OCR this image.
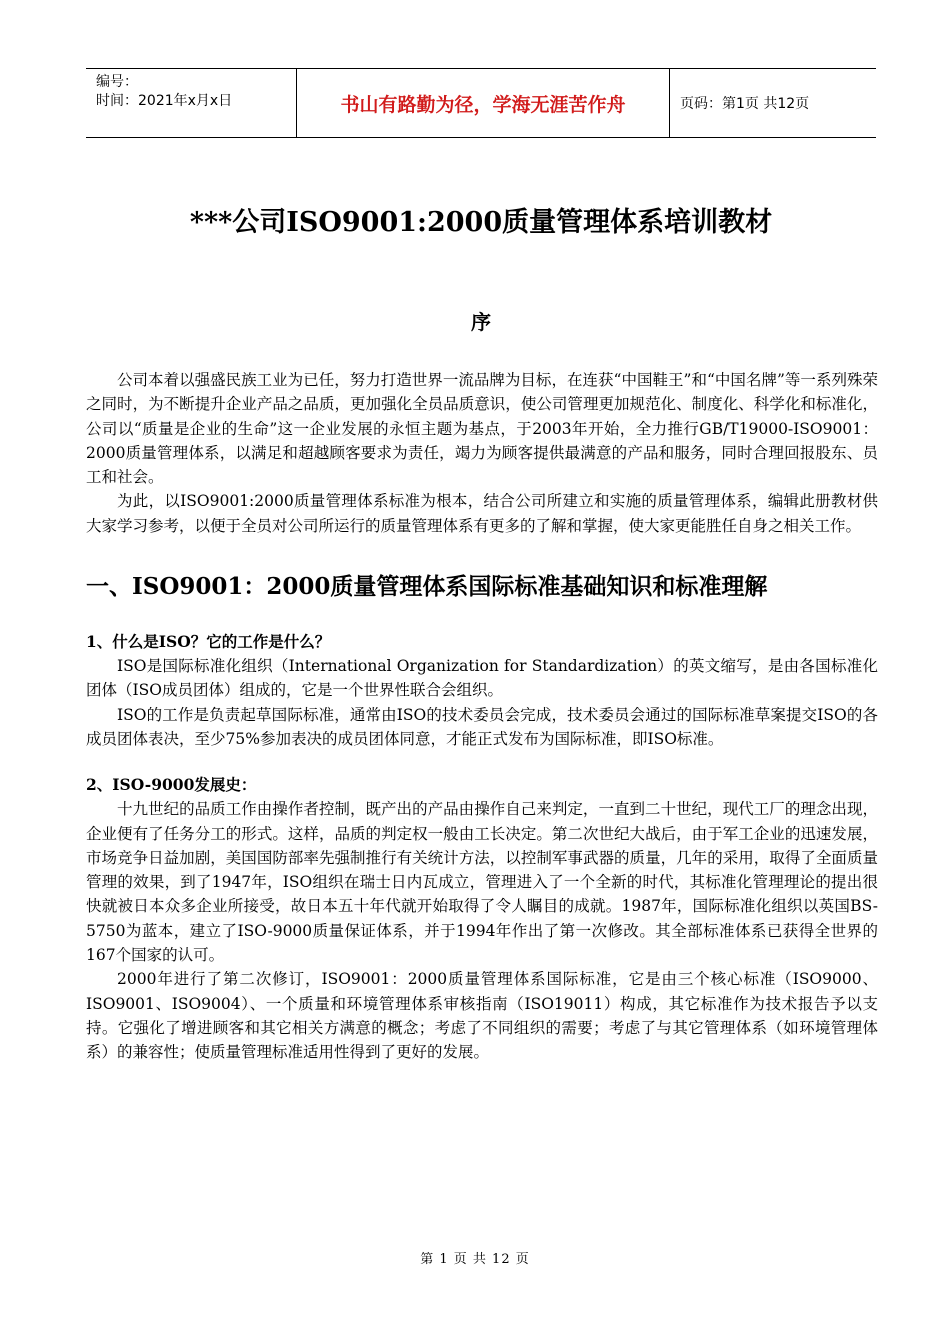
编号：
时间：2021年x月x日	书山有路勤为径，学海无涯苦作舟	页码：第1页 共12页
***公司ISO9001:2000质量管理体系培训教材
序

公司本着以强盛民族工业为已任，努力打造世界一流品牌为目标，在连获“中国鞋王”和“中国名牌”等一系列殊荣之同时，为不断提升企业产品之品质，更加强化全员品质意识，使公司管理更加规范化、制度化、科学化和标准化，公司以“质量是企业的生命”这一企业发展的永恒主题为基点，于2003年开始，全力推行GB/T19000-ISO9001：2000质量管理体系，以满足和超越顾客要求为责任，竭力为顾客提供最满意的产品和服务，同时合理回报股东、员工和社会。

为此，以ISO9001:2000质量管理体系标准为根本，结合公司所建立和实施的质量管理体系，编辑此册教材供大家学习参考，以便于全员对公司所运行的质量管理体系有更多的了解和掌握，使大家更能胜任自身之相关工作。

一、ISO9001：2000质量管理体系国际标准基础知识和标准理解
1、什么是ISO？它的工作是什么？

ISO是国际标准化组织（International Organization for Standardization）的英文缩写，是由各国标准化团体（ISO成员团体）组成的，它是一个世界性联合会组织。

ISO的工作是负责起草国际标准，通常由ISO的技术委员会完成，技术委员会通过的国际标准草案提交ISO的各成员团体表决，至少75%参加表决的成员团体同意，才能正式发布为国际标准，即ISO标准。

2、ISO-9000发展史：

十九世纪的品质工作由操作者控制，既产出的产品由操作自己来判定，一直到二十世纪，现代工厂的理念出现，企业便有了任务分工的形式。这样，品质的判定权一般由工长决定。第二次世纪大战后，由于军工企业的迅速发展，市场竞争日益加剧，美国国防部率先强制推行有关统计方法，以控制军事武器的质量，几年的采用，取得了全面质量管理的效果，到了1947年，ISO组织在瑞士日内瓦成立，管理进入了一个全新的时代，其标准化管理理论的提出很快就被日本众多企业所接受，故日本五十年代就开始取得了令人瞩目的成就。1987年，国际标准化组织以英国BS-5750为蓝本，建立了ISO-9000质量保证体系，并于1994年作出了第一次修改。其全部标准体系已获得全世界的167个国家的认可。

2000年进行了第二次修订，ISO9001：2000质量管理体系国际标准，它是由三个核心标准（ISO9000、ISO9001、ISO9004）、一个质量和环境管理体系审核指南（ISO19011）构成，其它标准作为技术报告予以支持。它强化了增进顾客和其它相关方满意的概念；考虑了不同组织的需要；考虑了与其它管理体系（如环境管理体系）的兼容性；使质量管理标准适用性得到了更好的发展。

第 1 页 共 12 页
